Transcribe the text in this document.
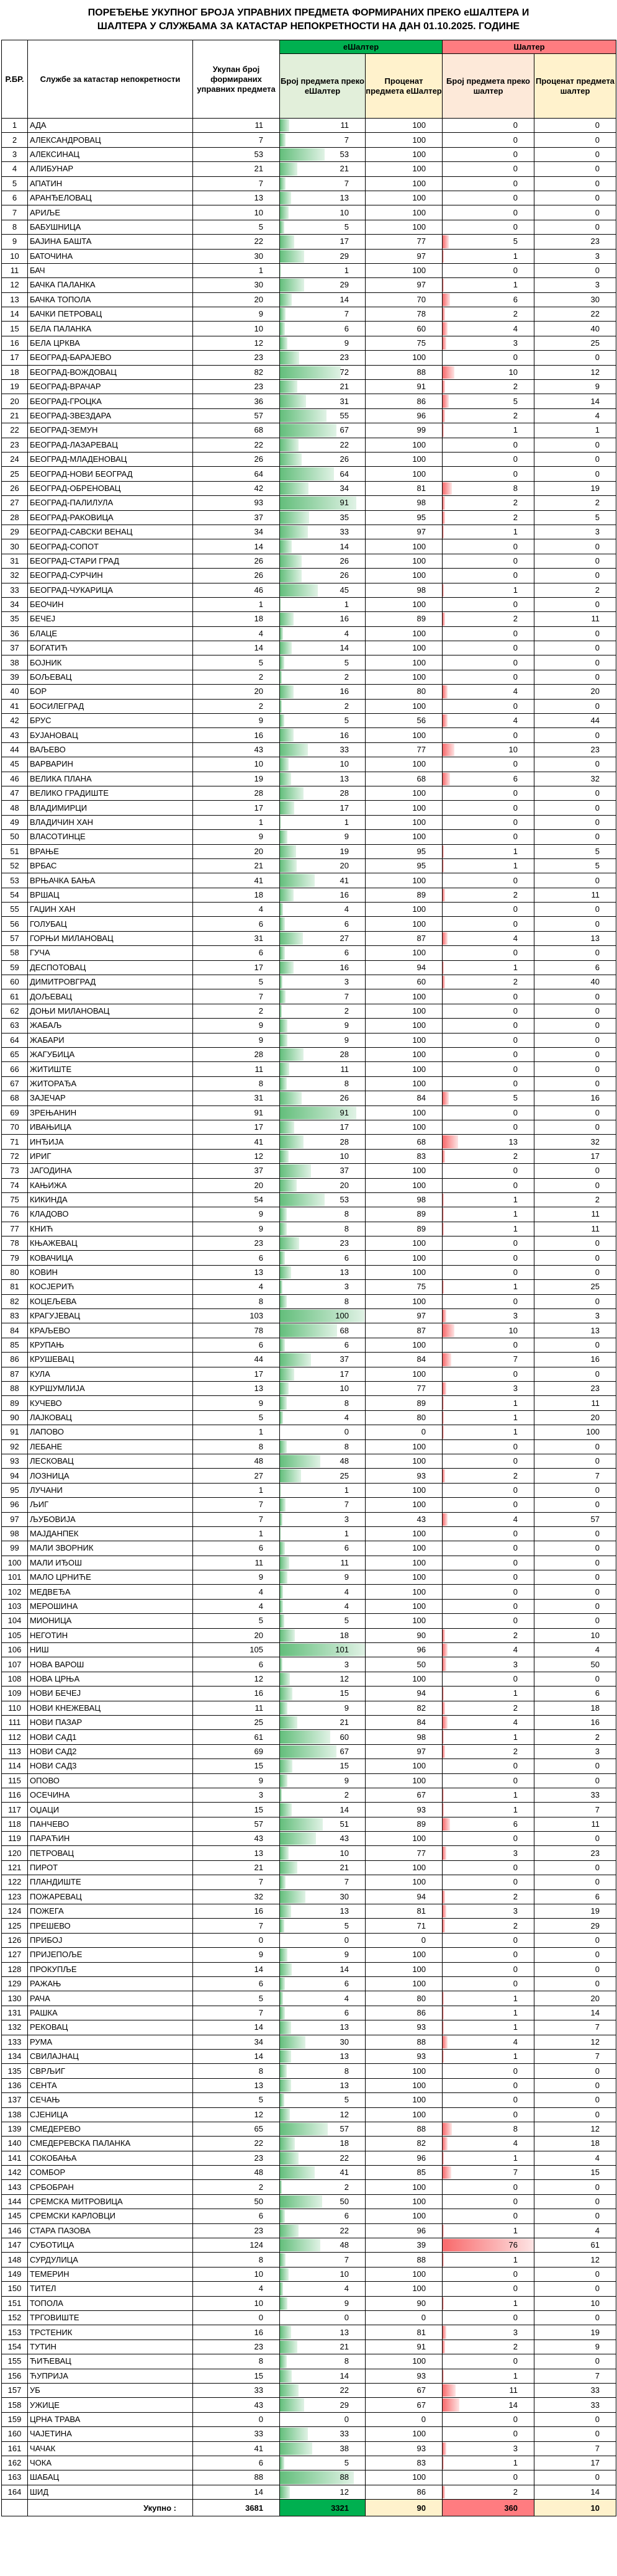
ПОРЕЂЕЊЕ УКУПНОГ БРОЈА УПРАВНИХ ПРЕДМЕТА ФОРМИРАНИХ ПРЕКО еШАЛТЕРА И
ШАЛТЕРА У СЛУЖБАМА ЗА КАТАСТАР НЕПОКРЕТНОСТИ НА ДАН 01.10.2025. ГОДИНЕ
Р.БР.	Службе за катастар непокретности	Укупан број формираних управних предмета	еШалтер		Шалтер	
			Број предмета преко еШалтер	Проценат предмета еШалтер	Број предмета преко шалтер	Проценат предмета шалтер
1	АДА	11	11	100	0	0
2	АЛЕКСАНДРОВАЦ	7	7	100	0	0
3	АЛЕКСИНАЦ	53	53	100	0	0
4	АЛИБУНАР	21	21	100	0	0
5	АПАТИН	7	7	100	0	0
6	АРАНЂЕЛОВАЦ	13	13	100	0	0
7	АРИЉЕ	10	10	100	0	0
8	БАБУШНИЦА	5	5	100	0	0
9	БАЈИНА БАШТА	22	17	77	5	23
10	БАТОЧИНА	30	29	97	1	3
11	БАЧ	1	1	100	0	0
12	БАЧКА ПАЛАНКА	30	29	97	1	3
13	БАЧКА ТОПОЛА	20	14	70	6	30
14	БАЧКИ ПЕТРОВАЦ	9	7	78	2	22
15	БЕЛА ПАЛАНКА	10	6	60	4	40
16	БЕЛА ЦРКВА	12	9	75	3	25
17	БЕОГРАД-БАРАЈЕВО	23	23	100	0	0
18	БЕОГРАД-ВОЖДОВАЦ	82	72	88	10	12
19	БЕОГРАД-ВРАЧАР	23	21	91	2	9
20	БЕОГРАД-ГРОЦКА	36	31	86	5	14
21	БЕОГРАД-ЗВЕЗДАРА	57	55	96	2	4
22	БЕОГРАД-ЗЕМУН	68	67	99	1	1
23	БЕОГРАД-ЛАЗАРЕВАЦ	22	22	100	0	0
24	БЕОГРАД-МЛАДЕНОВАЦ	26	26	100	0	0
25	БЕОГРАД-НОВИ БЕОГРАД	64	64	100	0	0
26	БЕОГРАД-ОБРЕНОВАЦ	42	34	81	8	19
27	БЕОГРАД-ПАЛИЛУЛА	93	91	98	2	2
28	БЕОГРАД-РАКОВИЦА	37	35	95	2	5
29	БЕОГРАД-САВСКИ ВЕНАЦ	34	33	97	1	3
30	БЕОГРАД-СОПОТ	14	14	100	0	0
31	БЕОГРАД-СТАРИ ГРАД	26	26	100	0	0
32	БЕОГРАД-СУРЧИН	26	26	100	0	0
33	БЕОГРАД-ЧУКАРИЦА	46	45	98	1	2
34	БЕОЧИН	1	1	100	0	0
35	БЕЧЕЈ	18	16	89	2	11
36	БЛАЦЕ	4	4	100	0	0
37	БОГАТИЋ	14	14	100	0	0
38	БОЈНИК	5	5	100	0	0
39	БОЉЕВАЦ	2	2	100	0	0
40	БОР	20	16	80	4	20
41	БОСИЛЕГРАД	2	2	100	0	0
42	БРУС	9	5	56	4	44
43	БУЈАНОВАЦ	16	16	100	0	0
44	ВАЉЕВО	43	33	77	10	23
45	ВАРВАРИН	10	10	100	0	0
46	ВЕЛИКА ПЛАНА	19	13	68	6	32
47	ВЕЛИКО ГРАДИШТЕ	28	28	100	0	0
48	ВЛАДИМИРЦИ	17	17	100	0	0
49	ВЛАДИЧИН ХАН	1	1	100	0	0
50	ВЛАСОТИНЦЕ	9	9	100	0	0
51	ВРАЊЕ	20	19	95	1	5
52	ВРБАС	21	20	95	1	5
53	ВРЊАЧКА БАЊА	41	41	100	0	0
54	ВРШАЦ	18	16	89	2	11
55	ГАЏИН ХАН	4	4	100	0	0
56	ГОЛУБАЦ	6	6	100	0	0
57	ГОРЊИ МИЛАНОВАЦ	31	27	87	4	13
58	ГУЧА	6	6	100	0	0
59	ДЕСПОТОВАЦ	17	16	94	1	6
60	ДИМИТРОВГРАД	5	3	60	2	40
61	ДОЉЕВАЦ	7	7	100	0	0
62	ДОЊИ МИЛАНОВАЦ	2	2	100	0	0
63	ЖАБАЉ	9	9	100	0	0
64	ЖАБАРИ	9	9	100	0	0
65	ЖАГУБИЦА	28	28	100	0	0
66	ЖИТИШТЕ	11	11	100	0	0
67	ЖИТОРАЂА	8	8	100	0	0
68	ЗАЈЕЧАР	31	26	84	5	16
69	ЗРЕЊАНИН	91	91	100	0	0
70	ИВАЊИЦА	17	17	100	0	0
71	ИНЂИЈА	41	28	68	13	32
72	ИРИГ	12	10	83	2	17
73	ЈАГОДИНА	37	37	100	0	0
74	КАЊИЖА	20	20	100	0	0
75	КИКИНДА	54	53	98	1	2
76	КЛАДОВО	9	8	89	1	11
77	КНИЋ	9	8	89	1	11
78	КЊАЖЕВАЦ	23	23	100	0	0
79	КОВАЧИЦА	6	6	100	0	0
80	КОВИН	13	13	100	0	0
81	КОСЈЕРИЋ	4	3	75	1	25
82	КОЦЕЉЕВА	8	8	100	0	0
83	КРАГУЈЕВАЦ	103	100	97	3	3
84	КРАЉЕВО	78	68	87	10	13
85	КРУПАЊ	6	6	100	0	0
86	КРУШЕВАЦ	44	37	84	7	16
87	КУЛА	17	17	100	0	0
88	КУРШУМЛИЈА	13	10	77	3	23
89	КУЧЕВО	9	8	89	1	11
90	ЛАЈКОВАЦ	5	4	80	1	20
91	ЛАПОВО	1	0	0	1	100
92	ЛЕБАНЕ	8	8	100	0	0
93	ЛЕСКОВАЦ	48	48	100	0	0
94	ЛОЗНИЦА	27	25	93	2	7
95	ЛУЧАНИ	1	1	100	0	0
96	ЉИГ	7	7	100	0	0
97	ЉУБОВИЈА	7	3	43	4	57
98	МАЈДАНПЕК	1	1	100	0	0
99	МАЛИ ЗВОРНИК	6	6	100	0	0
100	МАЛИ ИЂОШ	11	11	100	0	0
101	МАЛО ЦРНИЋЕ	9	9	100	0	0
102	МЕДВЕЂА	4	4	100	0	0
103	МЕРОШИНА	4	4	100	0	0
104	МИОНИЦА	5	5	100	0	0
105	НЕГОТИН	20	18	90	2	10
106	НИШ	105	101	96	4	4
107	НОВА ВАРОШ	6	3	50	3	50
108	НОВА ЦРЊА	12	12	100	0	0
109	НОВИ БЕЧЕЈ	16	15	94	1	6
110	НОВИ КНЕЖЕВАЦ	11	9	82	2	18
111	НОВИ ПАЗАР	25	21	84	4	16
112	НОВИ САД1	61	60	98	1	2
113	НОВИ САД2	69	67	97	2	3
114	НОВИ САД3	15	15	100	0	0
115	ОПОВО	9	9	100	0	0
116	ОСЕЧИНА	3	2	67	1	33
117	ОЏАЦИ	15	14	93	1	7
118	ПАНЧЕВО	57	51	89	6	11
119	ПАРАЋИН	43	43	100	0	0
120	ПЕТРОВАЦ	13	10	77	3	23
121	ПИРОТ	21	21	100	0	0
122	ПЛАНДИШТЕ	7	7	100	0	0
123	ПОЖАРЕВАЦ	32	30	94	2	6
124	ПОЖЕГА	16	13	81	3	19
125	ПРЕШЕВО	7	5	71	2	29
126	ПРИБОЈ	0	0	0	0	0
127	ПРИЈЕПОЉЕ	9	9	100	0	0
128	ПРОКУПЉЕ	14	14	100	0	0
129	РАЖАЊ	6	6	100	0	0
130	РАЧА	5	4	80	1	20
131	РАШКА	7	6	86	1	14
132	РЕКОВАЦ	14	13	93	1	7
133	РУМА	34	30	88	4	12
134	СВИЛАЈНАЦ	14	13	93	1	7
135	СВРЉИГ	8	8	100	0	0
136	СЕНТА	13	13	100	0	0
137	СЕЧАЊ	5	5	100	0	0
138	СЈЕНИЦА	12	12	100	0	0
139	СМЕДЕРЕВО	65	57	88	8	12
140	СМЕДЕРЕВСКА ПАЛАНКА	22	18	82	4	18
141	СОКОБАЊА	23	22	96	1	4
142	СОМБОР	48	41	85	7	15
143	СРБОБРАН	2	2	100	0	0
144	СРЕМСКА МИТРОВИЦА	50	50	100	0	0
145	СРЕМСКИ КАРЛОВЦИ	6	6	100	0	0
146	СТАРА ПАЗОВА	23	22	96	1	4
147	СУБОТИЦА	124	48	39	76	61
148	СУРДУЛИЦА	8	7	88	1	12
149	ТЕМЕРИН	10	10	100	0	0
150	ТИТЕЛ	4	4	100	0	0
151	ТОПОЛА	10	9	90	1	10
152	ТРГОВИШТЕ	0	0	0	0	0
153	ТРСТЕНИК	16	13	81	3	19
154	ТУТИН	23	21	91	2	9
155	ЋИЋЕВАЦ	8	8	100	0	0
156	ЋУПРИЈА	15	14	93	1	7
157	УБ	33	22	67	11	33
158	УЖИЦЕ	43	29	67	14	33
159	ЦРНА ТРАВА	0	0	0	0	0
160	ЧАЈЕТИНА	33	33	100	0	0
161	ЧАЧАК	41	38	93	3	7
162	ЧОКА	6	5	83	1	17
163	ШАБАЦ	88	88	100	0	0
164	ШИД	14	12	86	2	14
	Укупно :	3681	3321	90	360	10
